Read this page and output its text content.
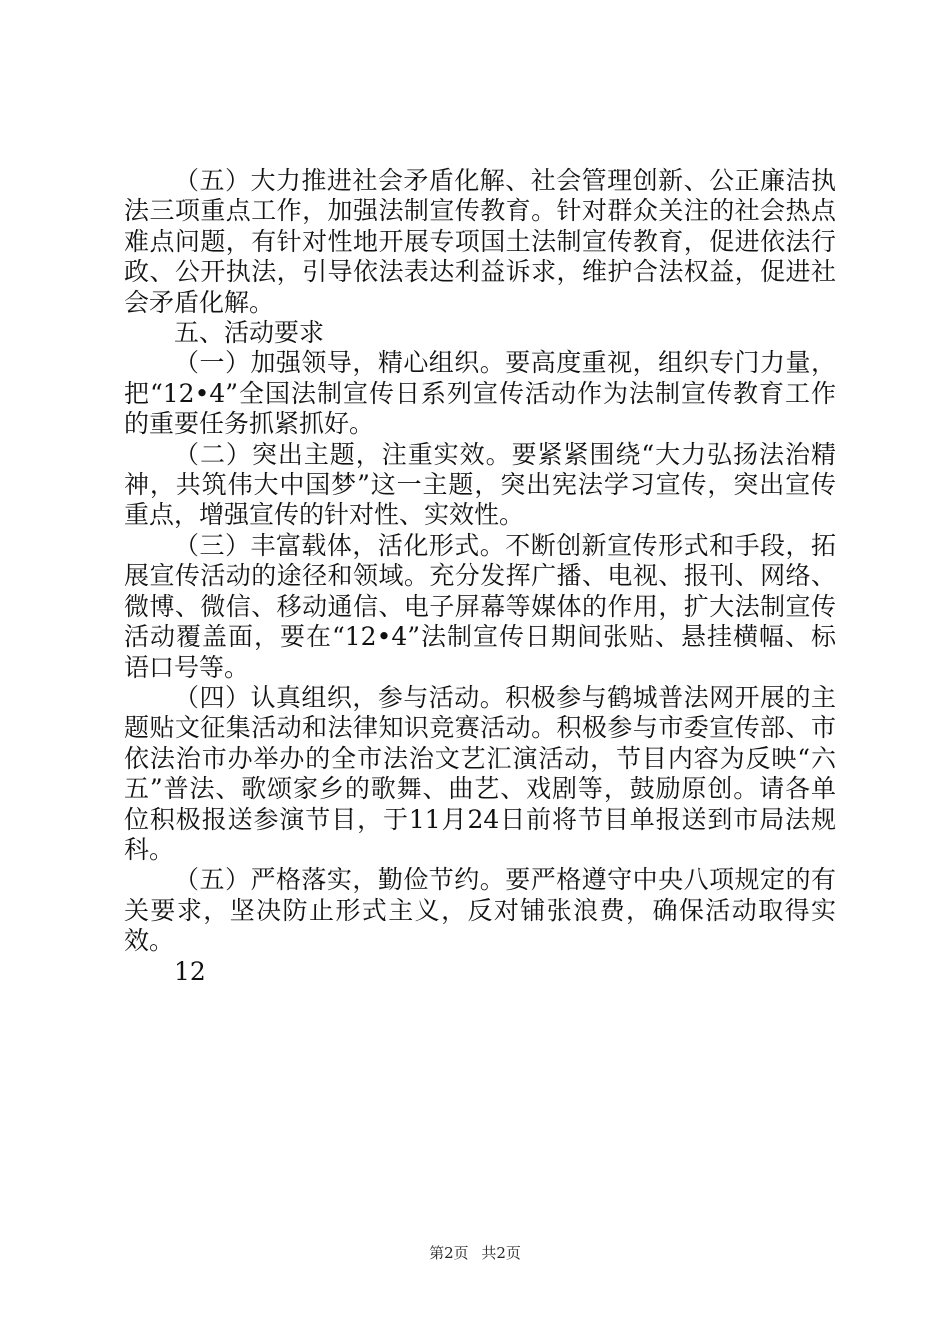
（五）大力推进社会矛盾化解、社会管理创新、公正廉洁执法三项重点工作，加强法制宣传教育。针对群众关注的社会热点难点问题，有针对性地开展专项国土法制宣传教育，促进依法行政、公开执法，引导依法表达利益诉求，维护合法权益，促进社会矛盾化解。

五、活动要求

（一）加强领导，精心组织。要高度重视，组织专门力量，把“12•4”全国法制宣传日系列宣传活动作为法制宣传教育工作的重要任务抓紧抓好。

（二）突出主题，注重实效。要紧紧围绕“大力弘扬法治精神，共筑伟大中国梦”这一主题，突出宪法学习宣传，突出宣传重点，增强宣传的针对性、实效性。

（三）丰富载体，活化形式。不断创新宣传形式和手段，拓展宣传活动的途径和领域。充分发挥广播、电视、报刊、网络、微博、微信、移动通信、电子屏幕等媒体的作用，扩大法制宣传活动覆盖面，要在“12•4”法制宣传日期间张贴、悬挂横幅、标语口号等。

（四）认真组织，参与活动。积极参与鹤城普法网开展的主题贴文征集活动和法律知识竞赛活动。积极参与市委宣传部、市依法治市办举办的全市法治文艺汇演活动，节目内容为反映“六五”普法、歌颂家乡的歌舞、曲艺、戏剧等，鼓励原创。请各单位积极报送参演节目，于11月24日前将节目单报送到市局法规科。

（五）严格落实，勤俭节约。要严格遵守中央八项规定的有关要求，坚决防止形式主义，反对铺张浪费，确保活动取得实效。

12

第2页 共2页
